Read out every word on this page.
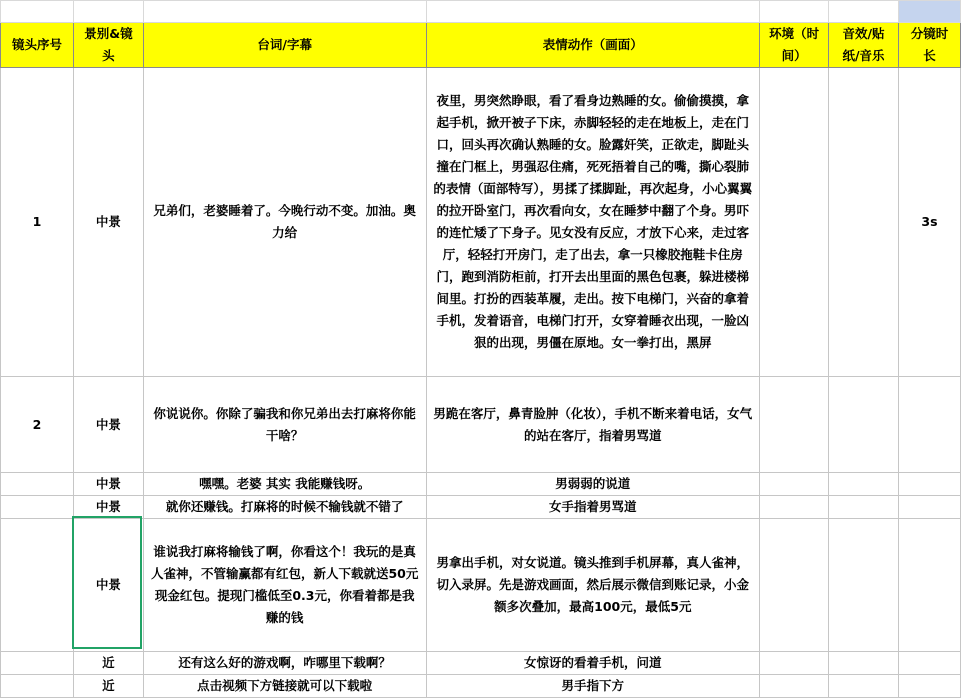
镜头序号	景别&镜头	台词/字幕	表情动作（画面）	环境（时间）	音效/贴纸/音乐	分镜时长
1	中景	兄弟们，老婆睡着了。今晚行动不变。加油。奥力给	夜里，男突然睁眼，看了看身边熟睡的女。偷偷摸摸，拿起手机，掀开被子下床，赤脚轻轻的走在地板上，走在门口，回头再次确认熟睡的女。脸露奸笑，正欲走，脚趾头撞在门框上，男强忍住痛，死死捂着自己的嘴，撕心裂肺的表情（面部特写），男揉了揉脚趾，再次起身，小心翼翼的拉开卧室门，再次看向女，女在睡梦中翻了个身。男吓的连忙矮了下身子。见女没有反应，才放下心来，走过客厅，轻轻打开房门，走了出去，拿一只橡胶拖鞋卡住房门，跑到消防柜前，打开去出里面的黑色包裹，躲进楼梯间里。打扮的西装革履，走出。按下电梯门，兴奋的拿着手机，发着语音，电梯门打开，女穿着睡衣出现，一脸凶狠的出现，男僵在原地。女一拳打出，黑屏			3s
2	中景	你说说你。你除了骗我和你兄弟出去打麻将你能干啥？	男跪在客厅，鼻青脸肿（化妆），手机不断来着电话，女气的站在客厅，指着男骂道			
	中景	嘿嘿。老婆 其实 我能赚钱呀。	男弱弱的说道			
	中景	就你还赚钱。打麻将的时候不输钱就不错了	女手指着男骂道			
	中景	谁说我打麻将输钱了啊，你看这个！我玩的是真人雀神，不管输赢都有红包，新人下载就送50元现金红包。提现门槛低至0.3元，你看着都是我赚的钱	男拿出手机，对女说道。镜头推到手机屏幕，真人雀神，切入录屏。先是游戏画面，然后展示微信到账记录，小金额多次叠加，最高100元，最低5元			
	近	还有这么好的游戏啊，咋哪里下载啊？	女惊讶的看着手机，问道			
	近	点击视频下方链接就可以下载啦	男手指下方			
